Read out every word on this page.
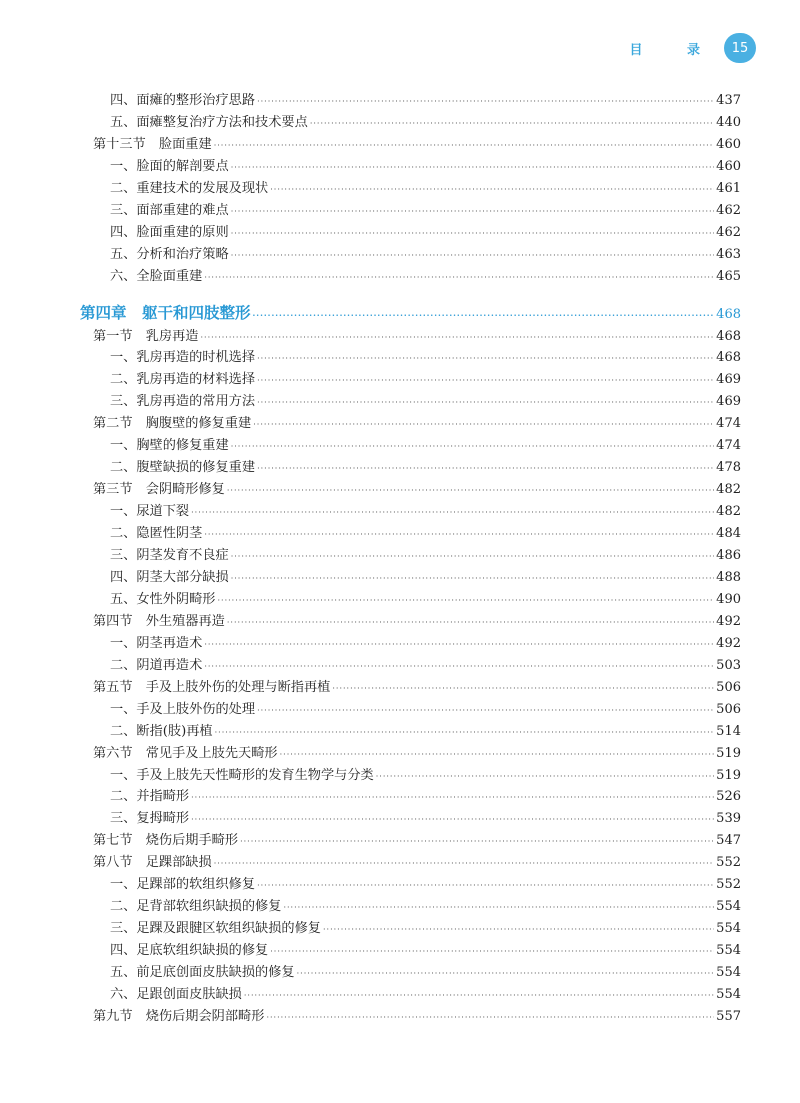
目 录 15
四、面瘫的整形治疗思路 ·····	437
五、面瘫整复治疗方法和技术要点 ·····	440
第十三节　脸面重建 ·····	460
一、脸面的解剖要点 ·····	460
二、重建技术的发展及现状 ·····	461
三、面部重建的难点 ·····	462
四、脸面重建的原则 ·····	462
五、分析和治疗策略 ·····	463
六、全脸面重建 ·····	465
第四章　躯干和四肢整形 ·····	468
第一节　乳房再造 ·····	468
一、乳房再造的时机选择 ·····	468
二、乳房再造的材料选择 ·····	469
三、乳房再造的常用方法 ·····	469
第二节　胸腹壁的修复重建 ·····	474
一、胸壁的修复重建 ·····	474
二、腹壁缺损的修复重建 ·····	478
第三节　会阴畸形修复 ·····	482
一、尿道下裂 ·····	482
二、隐匿性阴茎 ·····	484
三、阴茎发育不良症 ·····	486
四、阴茎大部分缺损 ·····	488
五、女性外阴畸形 ·····	490
第四节　外生殖器再造 ·····	492
一、阴茎再造术 ·····	492
二、阴道再造术 ·····	503
第五节　手及上肢外伤的处理与断指再植 ·····	506
一、手及上肢外伤的处理 ·····	506
二、断指(肢)再植 ·····	514
第六节　常见手及上肢先天畸形 ·····	519
一、手及上肢先天性畸形的发育生物学与分类 ·····	519
二、并指畸形 ·····	526
三、复拇畸形 ·····	539
第七节　烧伤后期手畸形 ·····	547
第八节　足踝部缺损 ·····	552
一、足踝部的软组织修复 ·····	552
二、足背部软组织缺损的修复 ·····	554
三、足踝及跟腱区软组织缺损的修复 ·····	554
四、足底软组织缺损的修复 ·····	554
五、前足底创面皮肤缺损的修复 ·····	554
六、足跟创面皮肤缺损 ·····	554
第九节　烧伤后期会阴部畸形 ·····	557
